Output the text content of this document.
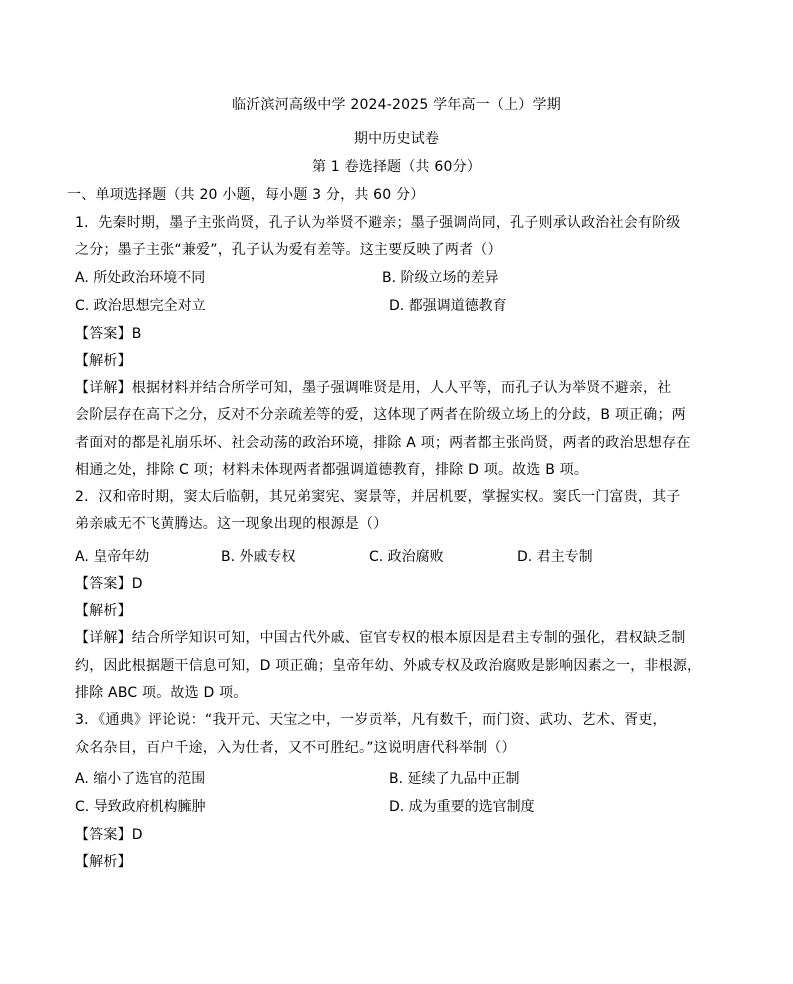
临沂滨河高级中学 2024-2025 学年高一（上）学期
期中历史试卷
第 1 卷选择题（共 60分）
一、单项选择题（共 20 小题，每小题 3 分，共 60 分）
1．先秦时期，墨子主张尚贤，孔子认为举贤不避亲；墨子强调尚同，孔子则承认政治社会有阶级
之分；墨子主张“兼爱”，孔子认为爱有差等。这主要反映了两者（）
A. 所处政治环境不同	B. 阶级立场的差异
C. 政治思想完全对立	D. 都强调道德教育
【答案】B
【解析】
【详解】根据材料并结合所学可知，墨子强调唯贤是用，人人平等，而孔子认为举贤不避亲，社
会阶层存在高下之分，反对不分亲疏差等的爱，这体现了两者在阶级立场上的分歧，B 项正确；两
者面对的都是礼崩乐坏、社会动荡的政治环境，排除 A 项；两者都主张尚贤，两者的政治思想存在
相通之处，排除 C 项；材料未体现两者都强调道德教育，排除 D 项。故选 B 项。
2．汉和帝时期，窦太后临朝，其兄弟窦宪、窦景等，并居机要，掌握实权。窦氏一门富贵，其子
弟亲戚无不飞黄腾达。这一现象出现的根源是（）
A. 皇帝年幼	B. 外戚专权	C. 政治腐败	D. 君主专制
【答案】D
【解析】
【详解】结合所学知识可知，中国古代外戚、宦官专权的根本原因是君主专制的强化，君权缺乏制
约，因此根据题干信息可知，D 项正确；皇帝年幼、外戚专权及政治腐败是影响因素之一，非根源，
排除 ABC 项。故选 D 项。
3．《通典》评论说：“我开元、天宝之中，一岁贡举，凡有数千，而门资、武功、艺术、胥吏，
众名杂目，百户千途，入为仕者，又不可胜纪。”这说明唐代科举制（）
A. 缩小了选官的范围	B. 延续了九品中正制
C. 导致政府机构臃肿	D. 成为重要的选官制度
【答案】D
【解析】
